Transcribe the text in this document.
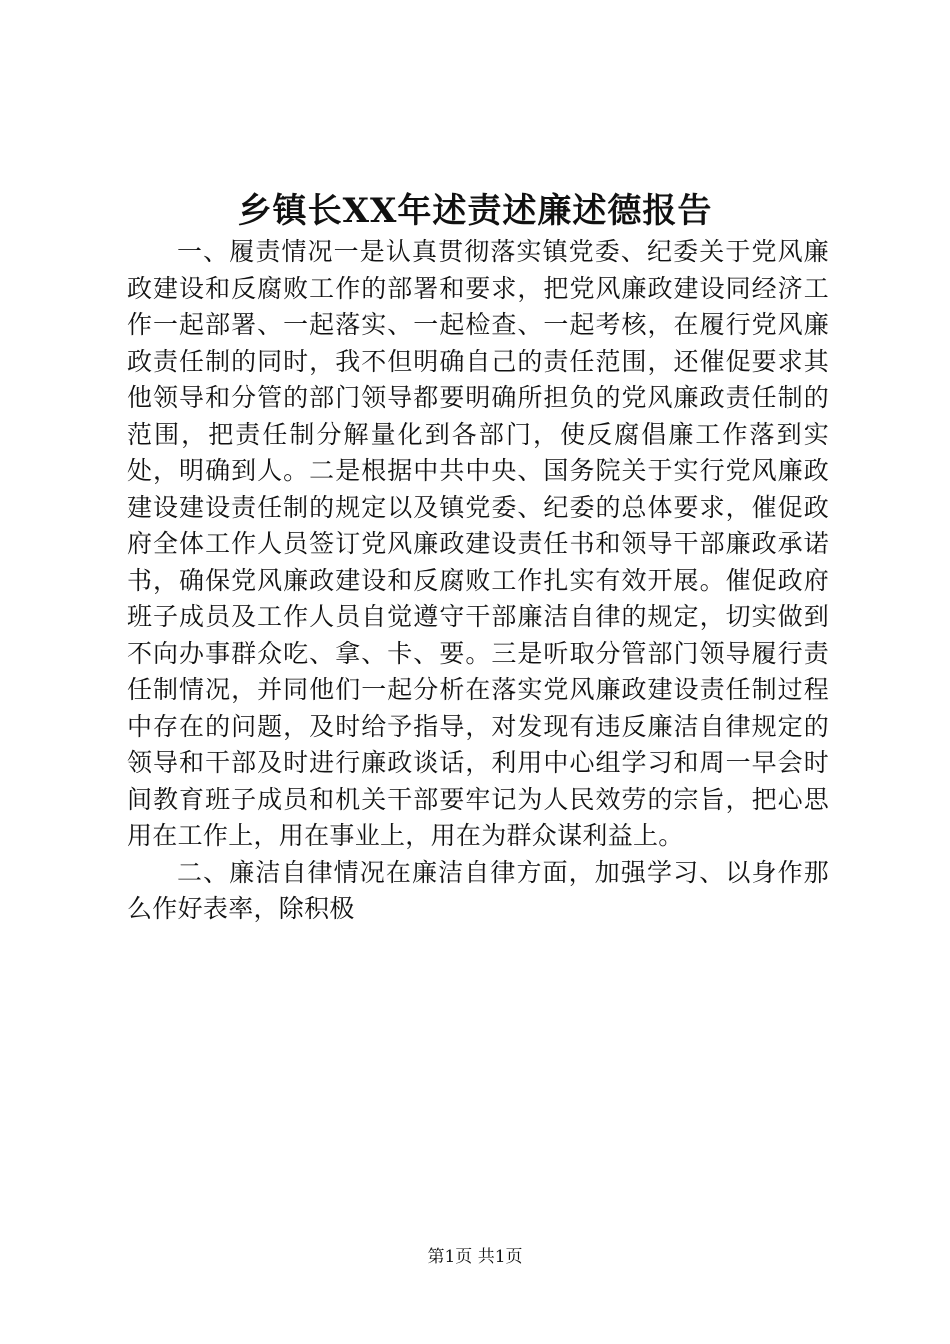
乡镇长XX年述责述廉述德报告

一、履责情况一是认真贯彻落实镇党委、纪委关于党风廉政建设和反腐败工作的部署和要求，把党风廉政建设同经济工作一起部署、一起落实、一起检查、一起考核，在履行党风廉政责任制的同时，我不但明确自己的责任范围，还催促要求其他领导和分管的部门领导都要明确所担负的党风廉政责任制的范围，把责任制分解量化到各部门，使反腐倡廉工作落到实处，明确到人。二是根据中共中央、国务院关于实行党风廉政建设建设责任制的规定以及镇党委、纪委的总体要求，催促政府全体工作人员签订党风廉政建设责任书和领导干部廉政承诺书，确保党风廉政建设和反腐败工作扎实有效开展。催促政府班子成员及工作人员自觉遵守干部廉洁自律的规定，切实做到不向办事群众吃、拿、卡、要。三是听取分管部门领导履行责任制情况，并同他们一起分析在落实党风廉政建设责任制过程中存在的问题，及时给予指导，对发现有违反廉洁自律规定的领导和干部及时进行廉政谈话，利用中心组学习和周一早会时间教育班子成员和机关干部要牢记为人民效劳的宗旨，把心思用在工作上，用在事业上，用在为群众谋利益上。

二、廉洁自律情况在廉洁自律方面，加强学习、以身作那么作好表率，除积极

第1页 共1页
